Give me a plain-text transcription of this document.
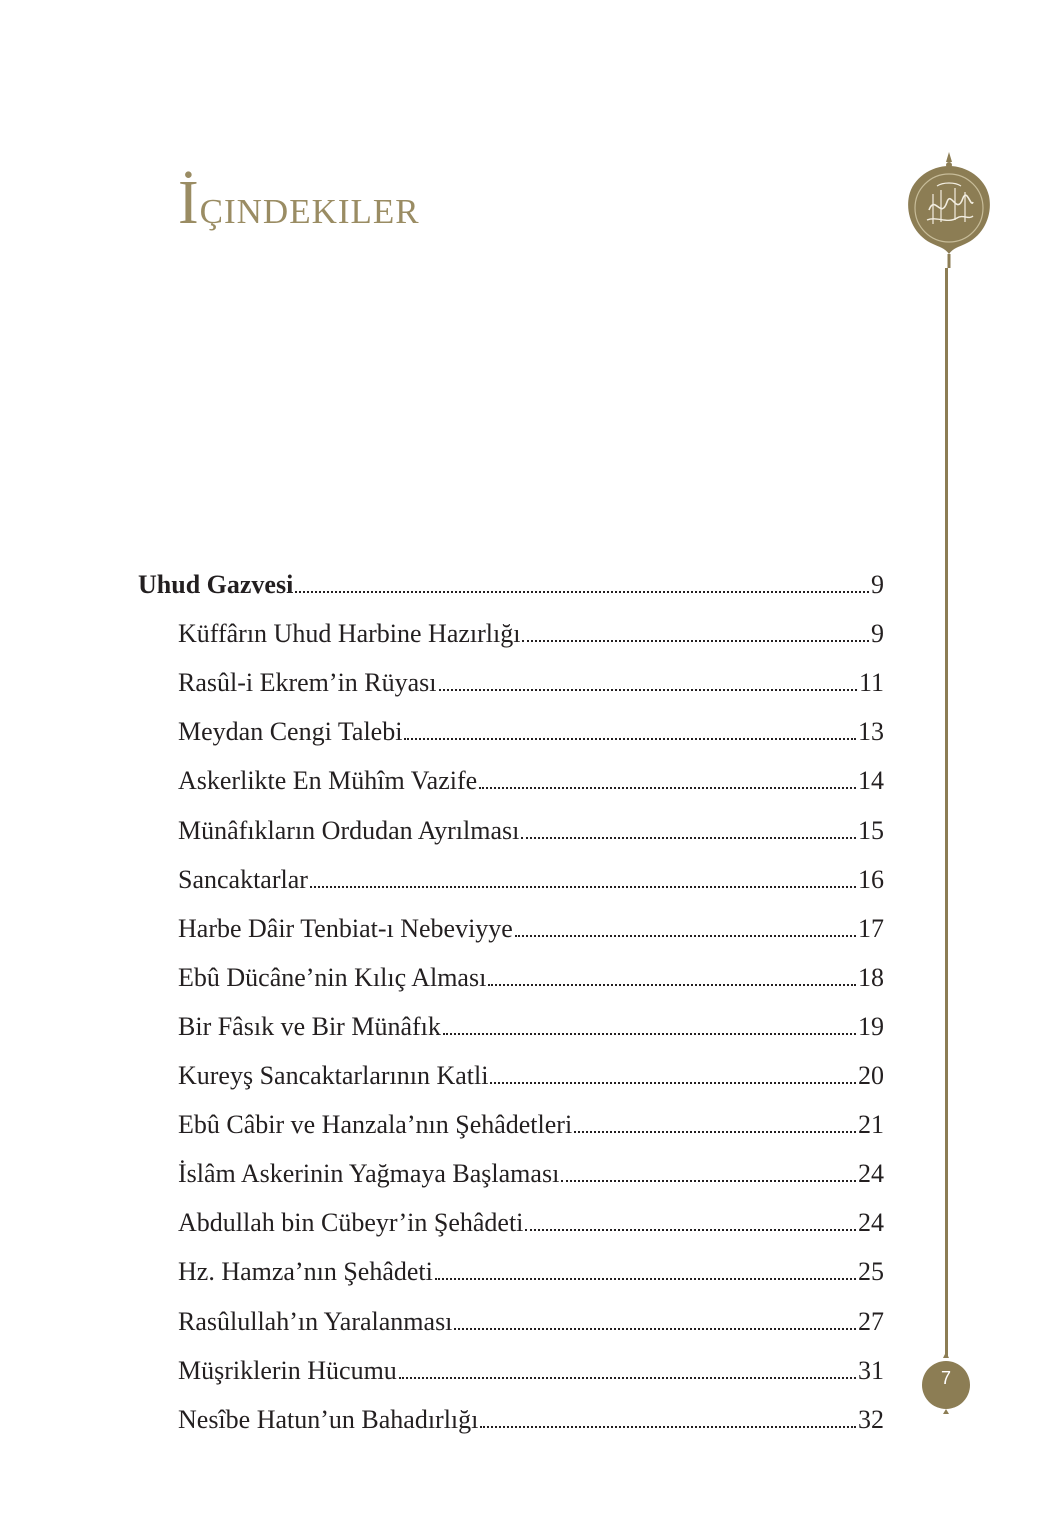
İçindekiler
7
Uhud Gazvesi	9
Küffârın Uhud Harbine Hazırlığı	9
Rasûl-i Ekrem’in Rüyası	11
Meydan Cengi Talebi	13
Askerlikte En Mühîm Vazife	14
Münâfıkların Ordudan Ayrılması	15
Sancaktarlar	16
Harbe Dâir Tenbiat-ı Nebeviyye	17
Ebû Dücâne’nin Kılıç Alması	18
Bir Fâsık ve Bir Münâfık	19
Kureyş Sancaktarlarının Katli	20
Ebû Câbir ve Hanzala’nın Şehâdetleri	21
İslâm Askerinin Yağmaya Başlaması	24
Abdullah bin Cübeyr’in Şehâdeti	24
Hz. Hamza’nın Şehâdeti	25
Rasûlullah’ın Yaralanması	27
Müşriklerin Hücumu	31
Nesîbe Hatun’un Bahadırlığı	32
